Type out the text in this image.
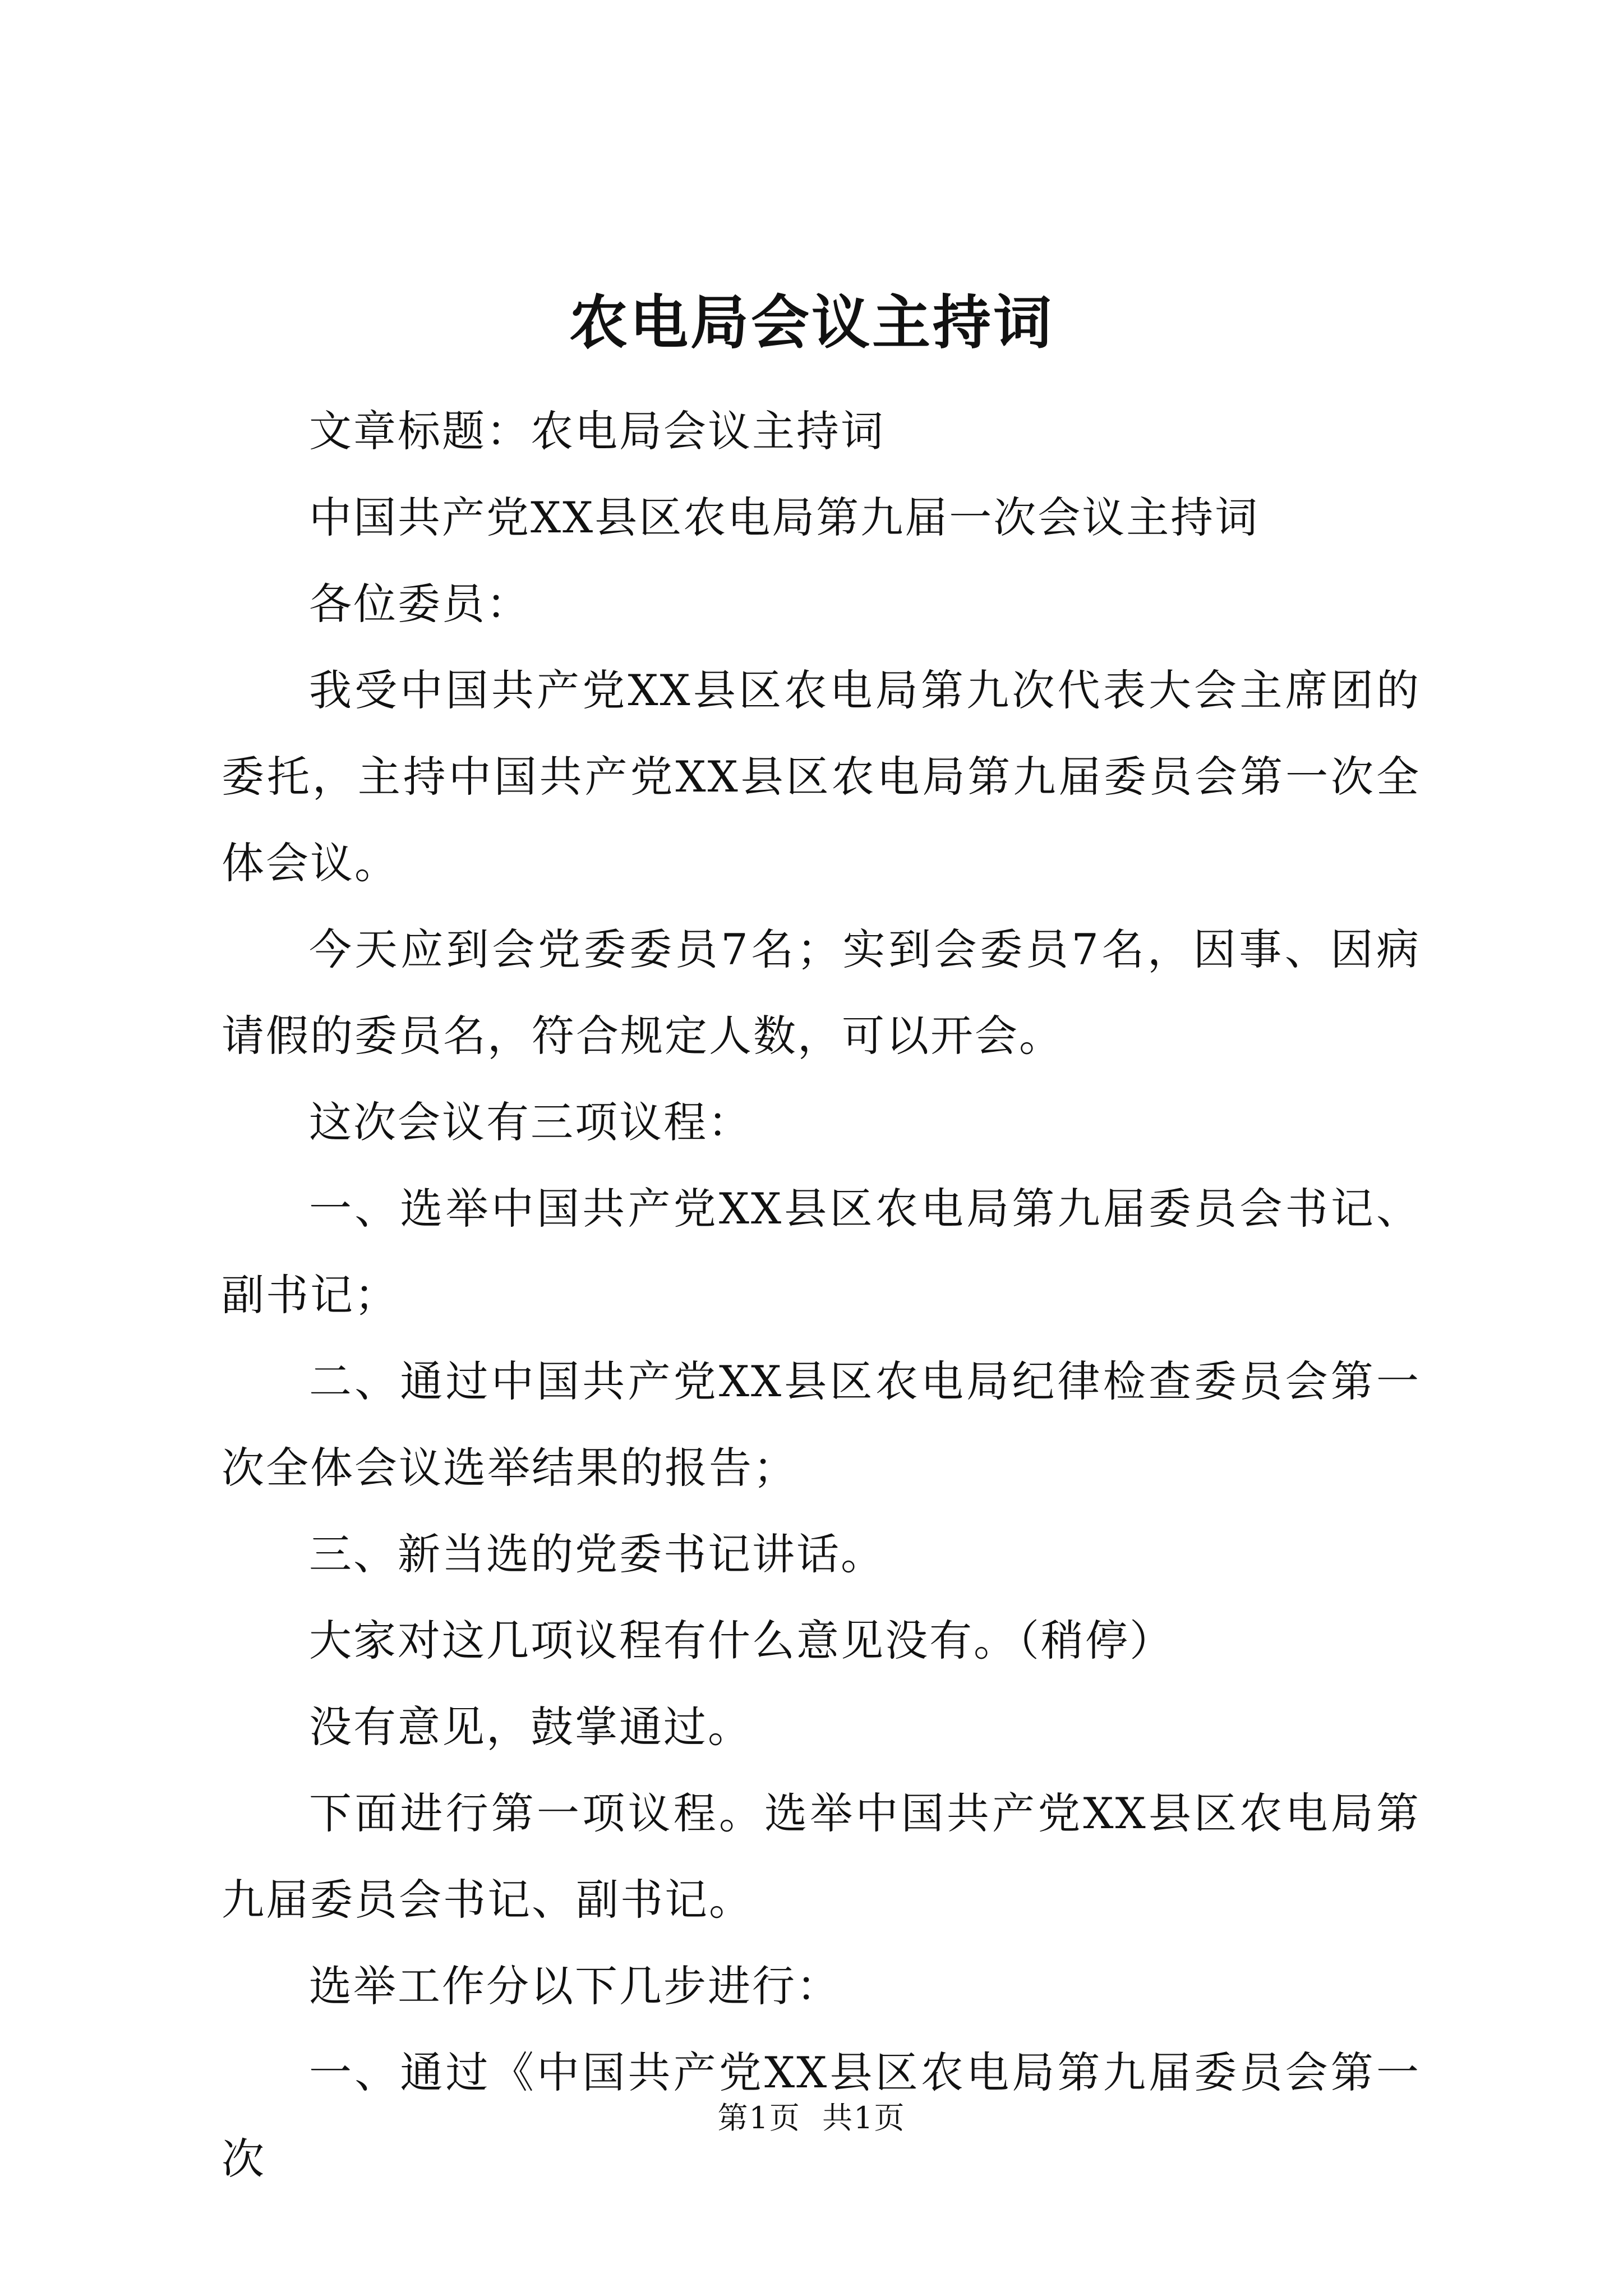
农电局会议主持词

文章标题：农电局会议主持词

中国共产党XX县区农电局第九届一次会议主持词

各位委员：

我受中国共产党XX县区农电局第九次代表大会主席团的委托，主持中国共产党XX县区农电局第九届委员会第一次全体会议。

今天应到会党委委员7名；实到会委员7名，因事、因病请假的委员名，符合规定人数，可以开会。

这次会议有三项议程：

一、选举中国共产党XX县区农电局第九届委员会书记、副书记；

二、通过中国共产党XX县区农电局纪律检查委员会第一次全体会议选举结果的报告；

三、新当选的党委书记讲话。

大家对这几项议程有什么意见没有。（稍停）

没有意见，鼓掌通过。

下面进行第一项议程。选举中国共产党XX县区农电局第九届委员会书记、副书记。

选举工作分以下几步进行：

一、通过《中国共产党XX县区农电局第九届委员会第一次

第1页 共1页
